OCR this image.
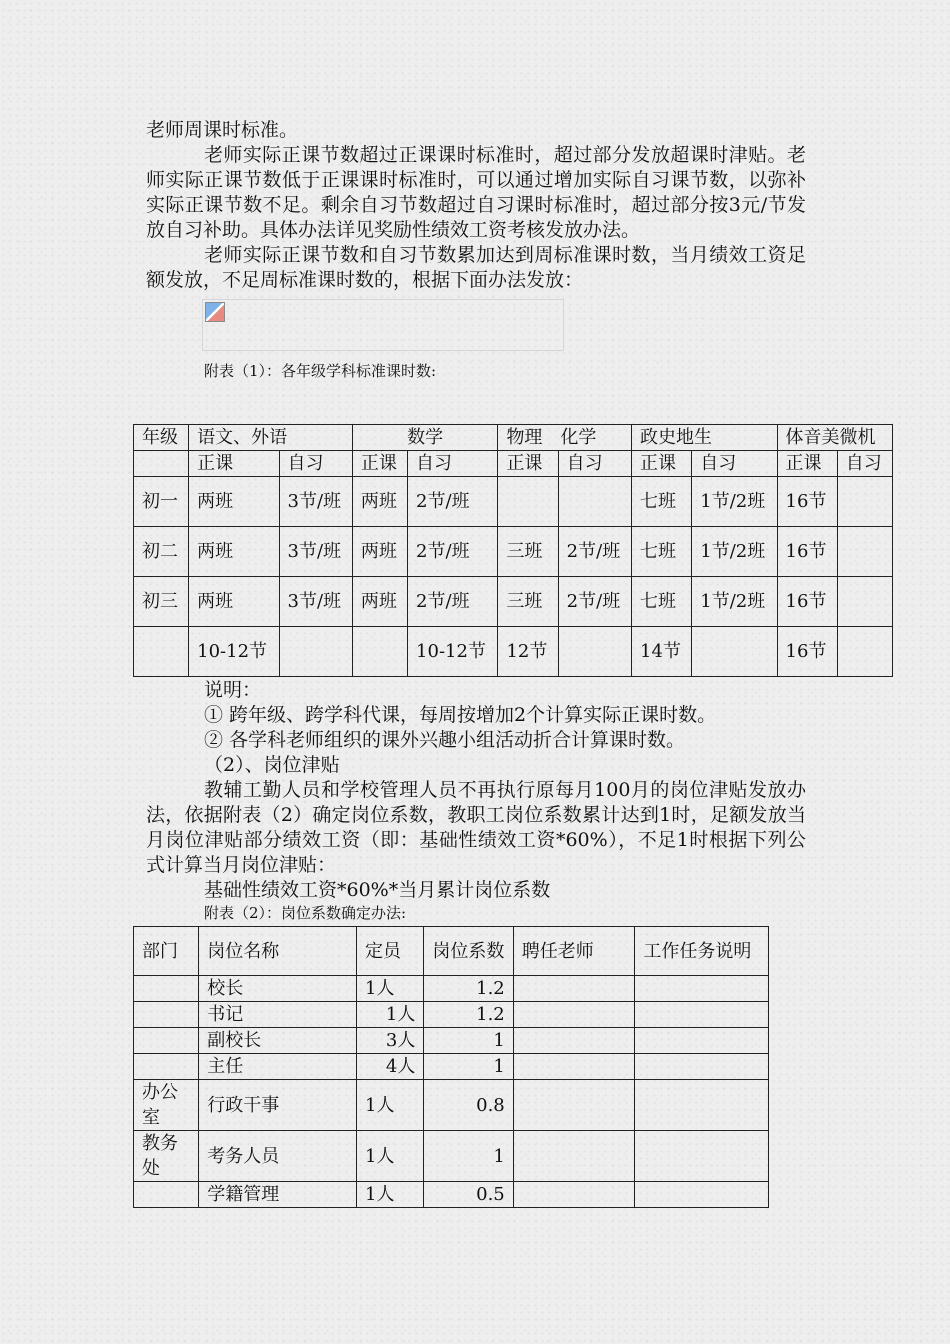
老师周课时标准。

老师实际正课节数超过正课课时标准时，超过部分发放超课时津贴。老师实际正课节数低于正课课时标准时，可以通过增加实际自习课节数，以弥补实际正课节数不足。剩余自习节数超过自习课时标准时，超过部分按3元/节发放自习补助。具体办法详见奖励性绩效工资考核发放办法。

老师实际正课节数和自习节数累加达到周标准课时数，当月绩效工资足额发放，不足周标准课时数的，根据下面办法发放：

附表（1）：各年级学科标准课时数:

年级	语文、外语		数学		物理　化学		政史地生		体音美微机	
	正课	自习	正课	自习	正课	自习	正课	自习	正课	自习
初一	两班	3节/班	两班	2节/班			七班	1节/2班	16节	
初二	两班	3节/班	两班	2节/班	三班	2节/班	七班	1节/2班	16节	
初三	两班	3节/班	两班	2节/班	三班	2节/班	七班	1节/2班	16节	
	10-12节			10-12节	12节		14节		16节	

说明：

① 跨年级、跨学科代课，每周按增加2个计算实际正课时数。

② 各学科老师组织的课外兴趣小组活动折合计算课时数。

（2）、岗位津贴

教辅工勤人员和学校管理人员不再执行原每月100月的岗位津贴发放办法，依据附表（2）确定岗位系数，教职工岗位系数累计达到1时，足额发放当月岗位津贴部分绩效工资（即：基础性绩效工资*60%），不足1时根据下列公式计算当月岗位津贴：

基础性绩效工资*60%*当月累计岗位系数

附表（2）：岗位系数确定办法:

部门	岗位名称	定员	岗位系数	聘任老师	工作任务说明
	校长	1人	1.2		
	书记	1人	1.2		
	副校长	3人	1		
	主任	4人	1		
办公室	行政干事	1人	0.8		
教务处	考务人员	1人	1		
	学籍管理	1人	0.5		
